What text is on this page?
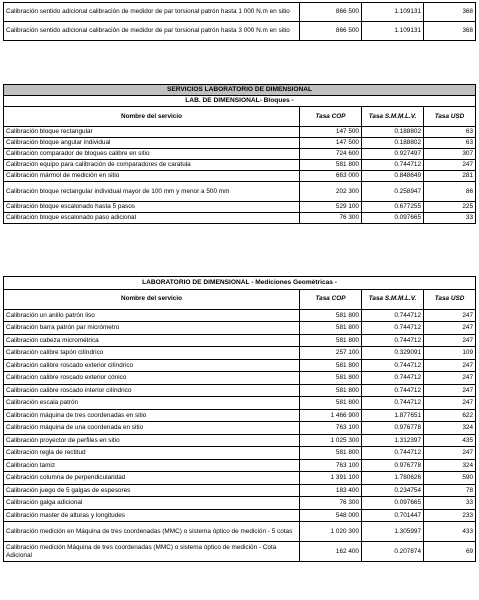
Calibración sentido adicional calibración de medidor de par torsional patrón hasta 1 000 N.m en sitio	866 500	1.109131	368
Calibración sentido adicional calibración de medidor de par torsional patrón hasta 3 000 N.m en sitio	866 500	1.109131	368
SERVICIOS LABORATORIO DE DIMENSIONAL			
LAB. DE DIMENSIONAL- Bloques -			
Nombre del servicio	Tasa COP	Tasa S.M.M.L.V.	Tasa USD
Calibración bloque rectangular	147 500	0.188802	63
Calibración bloque angular individual	147 500	0.188802	63
Calibración comparador de bloques calibre en sitio	724 600	0.927497	307
Calibración equipo para calibración de comparadores de caratula	581 800	0.744712	247
Calibración mármol de medición en sitio	663 000	0.848649	281
Calibración bloque rectangular individual mayor de 100 mm y menor a 500 mm	202 300	0.258947	86
Calibración bloque escalonado hasta 5 pasos	529 100	0.677255	225
Calibración bloque escalonado paso adicional	76 300	0.097665	33
LABORATORIO DE DIMENSIONAL - Mediciones Geométricas -			
Nombre del servicio	Tasa COP	Tasa S.M.M.L.V.	Tasa USD
Calibración un anillo patrón liso	581 800	0.744712	247
Calibración barra patrón par micrómetro	581 800	0.744712	247
Calibración cabeza micrométrica	581 800	0.744712	247
Calibración calibre tapón cilíndrico	257 100	0.329091	109
Calibración calibre roscado exterior cilíndrico	581 800	0.744712	247
Calibración calibre roscado exterior cónico	581 800	0.744712	247
Calibración calibre roscado interior cilíndrico	581 800	0.744712	247
Calibración escala patrón	581 800	0.744712	247
Calibración máquina de tres coordenadas en sitio	1 466 900	1.877651	622
Calibración máquina de una coordenada en sitio	763 100	0.976778	324
Calibración proyector de perfiles en sitio	1 025 300	1.312397	435
Calibración regla de rectitud	581 800	0.744712	247
Calibración tamiz	763 100	0.976778	324
Calibración columna de perpendicularidad	1 391 100	1.780626	590
Calibración juego de 5 galgas de espesores	183 400	0.234754	78
Calibración galga adicional	76 300	0.097665	33
Calibración master de alturas y longitudes	548 000	0.701447	233
Calibración medición en Máquina de tres coordenadas (MMC) o sistema óptico de medición - 5 cotas	1 020 300	1.305997	433
Calibración medición Máquina de tres coordenadas (MMC) o sistema óptico de medición - Cota Adicional	162 400	0.207874	69
